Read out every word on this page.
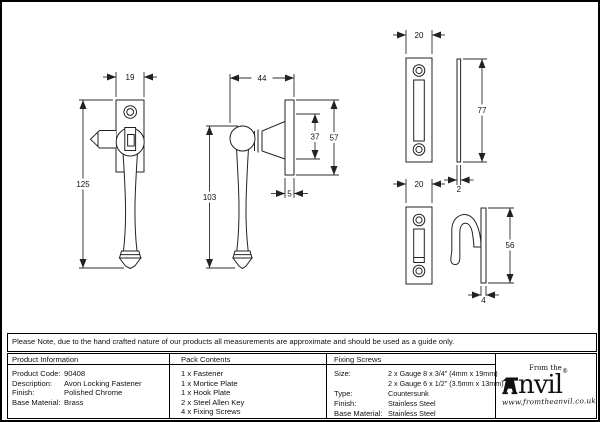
19
125
44
103
37 57
5
20
77
2
20
56
4
Please Note, due to the hand crafted nature of our products all measurements are approximate and should be used as a guide only.
Product Information
Product Code: 90408
Description:	Avon Locking Fastener
Finish:	Polished Chrome
Base Material: Brass
Pack Contents
1 x Fastener
1 x Mortice Plate
1 x Hook Plate
2 x Steel Allen Key
4 x Fixing Screws
Fixing Screws
Size:	2 x Gauge 8 x 3/4" (4mm x 19mm)
2 x Gauge 6 x 1/2" (3.5mm x 13mm)
Type:	Countersunk
Finish:	Stainless Steel
Base Material: Stainless Steel
From the
nvil ®
www.fromtheanvil.co.uk
